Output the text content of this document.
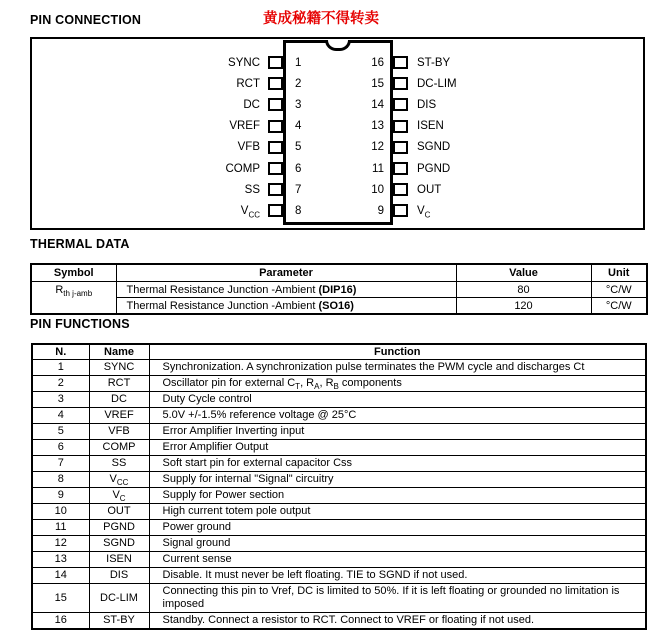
PIN CONNECTION	黄成秘籍不得转卖
SYNC	1
RCT	2
DC	3
VREF	4
VFB	5
COMP	6
SS	7
$V_{CC}$	8
16	ST-BY
15	DC-LIM
14	DIS
13	ISEN
12	SGND
11	PGND
10	OUT
9	$V_C$
THERMAL DATA
Symbol	Parameter	Value	Unit
$R_{th j-amb}$	Thermal Resistance Junction -Ambient (DIP16)	80	°C/W
	Thermal Resistance Junction -Ambient (SO16)	120	°C/W
PIN FUNCTIONS
N.	Name	Function
1	SYNC	Synchronization. A synchronization pulse terminates the PWM cycle and discharges Ct
2	RCT	Oscillator pin for external $C_T$, $R_A$, $R_B$ components
3	DC	Duty Cycle control
4	VREF	5.0V +/-1.5% reference voltage @ 25°C
5	VFB	Error Amplifier Inverting input
6	COMP	Error Amplifier Output
7	SS	Soft start pin for external capacitor Css
8	$V_{CC}$	Supply for internal "Signal" circuitry
9	$V_C$	Supply for Power section
10	OUT	High current totem pole output
11	PGND	Power ground
12	SGND	Signal ground
13	ISEN	Current sense
14	DIS	Disable. It must never be left floating. TIE to SGND if not used.
15	DC-LIM	Connecting this pin to Vref, DC is limited to 50%. If it is left floating or grounded no limitation is imposed
16	ST-BY	Standby. Connect a resistor to RCT. Connect to VREF or floating if not used.
